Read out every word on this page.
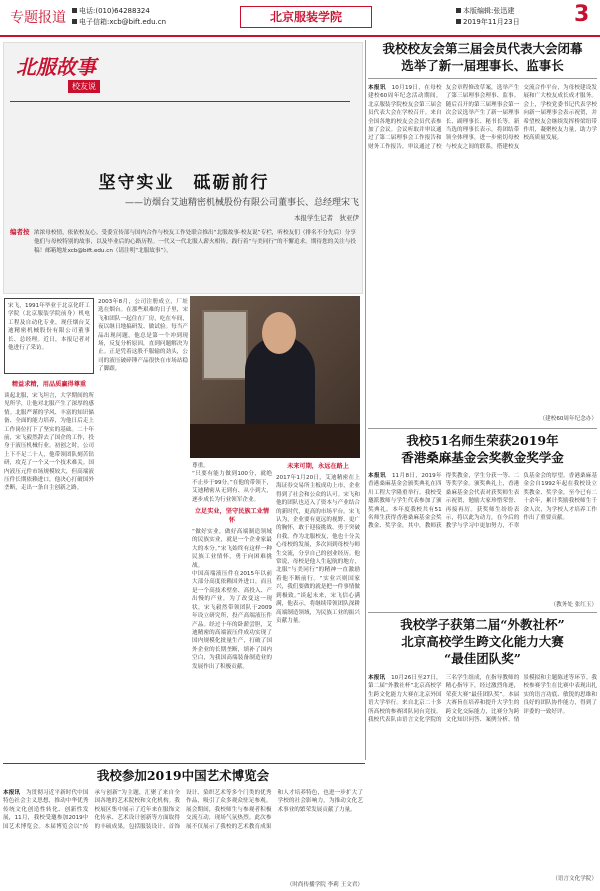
专题报道	电话:(010)64288324
电子信箱:xcb@bift.edu.cn	北京服装学院	本版编辑:张迅建
2019年11月23日 3
北服故事
校友说
坚守实业　砥砺前行
——访烟台艾迪精密机械股份有限公司董事长、总经理宋飞
本报学生记者　狄亚伊
编者按 浓浓母校情，依依校友心。受委宣传部与国内合作与校友工作处联合推出“北服故事·校友说”专栏，听校友们（排名不分先后）分享他们与母校特别的故事，以及毕业后的心路历程。一代又一代北服人薪火相传，践行着“与美同行”的不懈追求。期待您的关注与投稿！邮箱地址xcb@bift.edu.cn（请注明“北服故事”）。
宋飞，1991年毕业于北京化纤工学院（北京服装学院前身）机电工程及自动化专业，现任烟台艾迪精密机械股份有限公司董事长、总经理。近日，本报记者对他进行了采访。
精益求精，用品质赢得尊重
谈起北服，宋飞坦言，大学期间的所见所学，让他对北服产生了深厚的感情。北服严谨的学风、丰富的知识储备、全面的能力培养，为他日后走上工作岗位打下了坚实的基础。二十年前，宋飞毅然辞去了国企的工作，投身于液压机械行业。初创之时，公司上下不足二十人，他带领团队刻苦钻研，攻克了一个又一个技术难关。国内液压元件市场规模较大，但高端液压件长期依赖进口，他决心打破国外垄断，走出一条自主创新之路。
2003年8月，公司注册成立，厂址选在烟台。在那些艰难的日子里，宋飞和团队一起住在厂房，吃在车间，夜以继日地搞研发、做试验。每当产品出现问题，他总是第一个冲到现场，反复分析原因，直到问题解决为止。正是凭着这股不服输的劲头，公司的液压破碎锤产品很快在市场站稳了脚跟。
尊重。
“只要有能力做到100分，就绝不止步于99分。”在他的带领下，艾迪精密从无到有、从小到大，逐步成长为行业领军企业。
立足实业，坚守民族工业情怀
“做好实业，做好高端制造领域的民族实业，就是一个企业家最大的本分。”宋飞始终有这样一种民族工业情怀，勇于向困难挑战。
中国高端液压件在2015年以前大部分高度依赖国外进口，而且是一个高技术壁垒、高投入、产出慢的产业，为了改变这一现状，宋飞毅然带领团队于2009年设立研究所，投产高端液压件产品。经过十年的卧薪尝胆，艾迪精密的高端液压件成功实现了国内规模化批量生产，打破了国外企业的长期垄断，填补了国内空白，为我国高端装备制造业的发展作出了积极贡献。
未来可期，永远在路上
2017年1月20日，艾迪精密在上海证券交易所主板成功上市，企业得到了社会和公众的认可。宋飞和他的团队也迈入了资本与产业结合的新时代，更高的市场平台。宋飞认为，企业要有更远的视野、更广的胸怀，敢于迎接挑战、勇于突破自我。作为北服校友，他也十分关心母校的发展，多次回到母校与师生交流，分享自己的创业经历。他常说，母校是他人生起航的地方，北服“与美同行”的精神一直激励着他不断前行。“实业兴则国家兴，我们要做的就是把一件事情做到极致。”谈起未来，宋飞信心满满，他表示，将继续带领团队深耕高端制造领域，为民族工业的振兴贡献力量。
我校校友会第三届会员代表大会闭幕
选举了新一届理事长、监事长
本报讯　 10月19日，在母校建校60周年纪念活动期间，北京服装学院校友会第三届会员代表大会在学校召开。来自全国各地的校友会会员代表参加了会议。会议听取并审议通过了第二届理事会工作报告和财务工作报告，审议通过了校友会章程修改草案，选举产生了第三届理事会理事、监事。随后召开的第三届理事会第一次会议选举产生了新一届理事长、副理事长、秘书长等。新当选的理事长表示，将团结带领全体理事，进一步密切母校与校友之间的联系，搭建校友交流合作平台，为母校建设发展和广大校友成长成才服务。会上，学校党委书记代表学校向新一届理事会表示祝贺，并希望校友会继续发挥桥梁纽带作用，凝聚校友力量，助力学校高质量发展。
（建校60周年纪念办）
我校51名师生荣获2019年
香港桑麻基金会奖教金奖学金
本报讯　 11月8日，2019年香港桑麻基金会颁奖典礼在四川工程大学隆重举行。我校受邀派教师与学生代表参加了颁奖典礼。本年度我校共有51名师生获得香港桑麻基金会奖教金、奖学金，其中，教师获得奖教金，学生分获一等、二等奖学金。颁奖典礼上，香港桑麻基金会代表对获奖师生表示祝贺，勉励大家珍惜荣誉、再接再厉。获奖师生纷纷表示，将以此为动力，在今后的教学与学习中更加努力，不辜负基金会的厚望。香港桑麻基金会自1992年起在我校设立奖教金、奖学金，至今已有二十余年，累计奖励我校师生千余人次，为学校人才培养工作作出了重要贡献。
（教务处 张红玉）
我校学子获第二届“外教社杯”
北京高校学生跨文化能力大赛
“最佳团队奖”
本报讯　 10月26日至27日，第二届“外教社杯”北京高校学生跨文化能力大赛在北京外国语大学举行。来自北京二十多所高校的参赛团队同台竞技。我校代表队由语言文化学院的三名学生组成，在指导教师的精心指导下，经过激烈角逐，荣获大赛“最佳团队奖”。本届大赛旨在培养和提升大学生的跨文化交际能力，比赛分为跨文化知识问答、案例分析、情景模拟和主题陈述等环节。我校参赛学生在比赛中表现出扎实的语言功底、敏锐的思维和良好的团队协作能力，得到了评委的一致好评。
（语言文化学院）
我校参加2019中国艺术博览会
本报讯　 为贯彻习近平新时代中国特色社会主义思想，推动中华优秀传统文化创造性转化、创新性发展，11月，我校受邀参加2019中国艺术博览会。本届博览会以“传承与创新”为主题，汇聚了来自全国各地的艺术院校和文化机构。我校展区集中展示了近年来在服饰文化传承、艺术设计创新等方面取得的丰硕成果，包括服装设计、首饰设计、染织艺术等多个门类的优秀作品，吸引了众多观众驻足参观。展会期间，我校师生与参观者积极交流互动，现场气氛热烈。此次参展不仅展示了我校的艺术教育成果和人才培养特色，也进一步扩大了学校的社会影响力，为推动文化艺术事业的繁荣发展贡献了力量。
（时尚传播学院 李莉 王文君）
